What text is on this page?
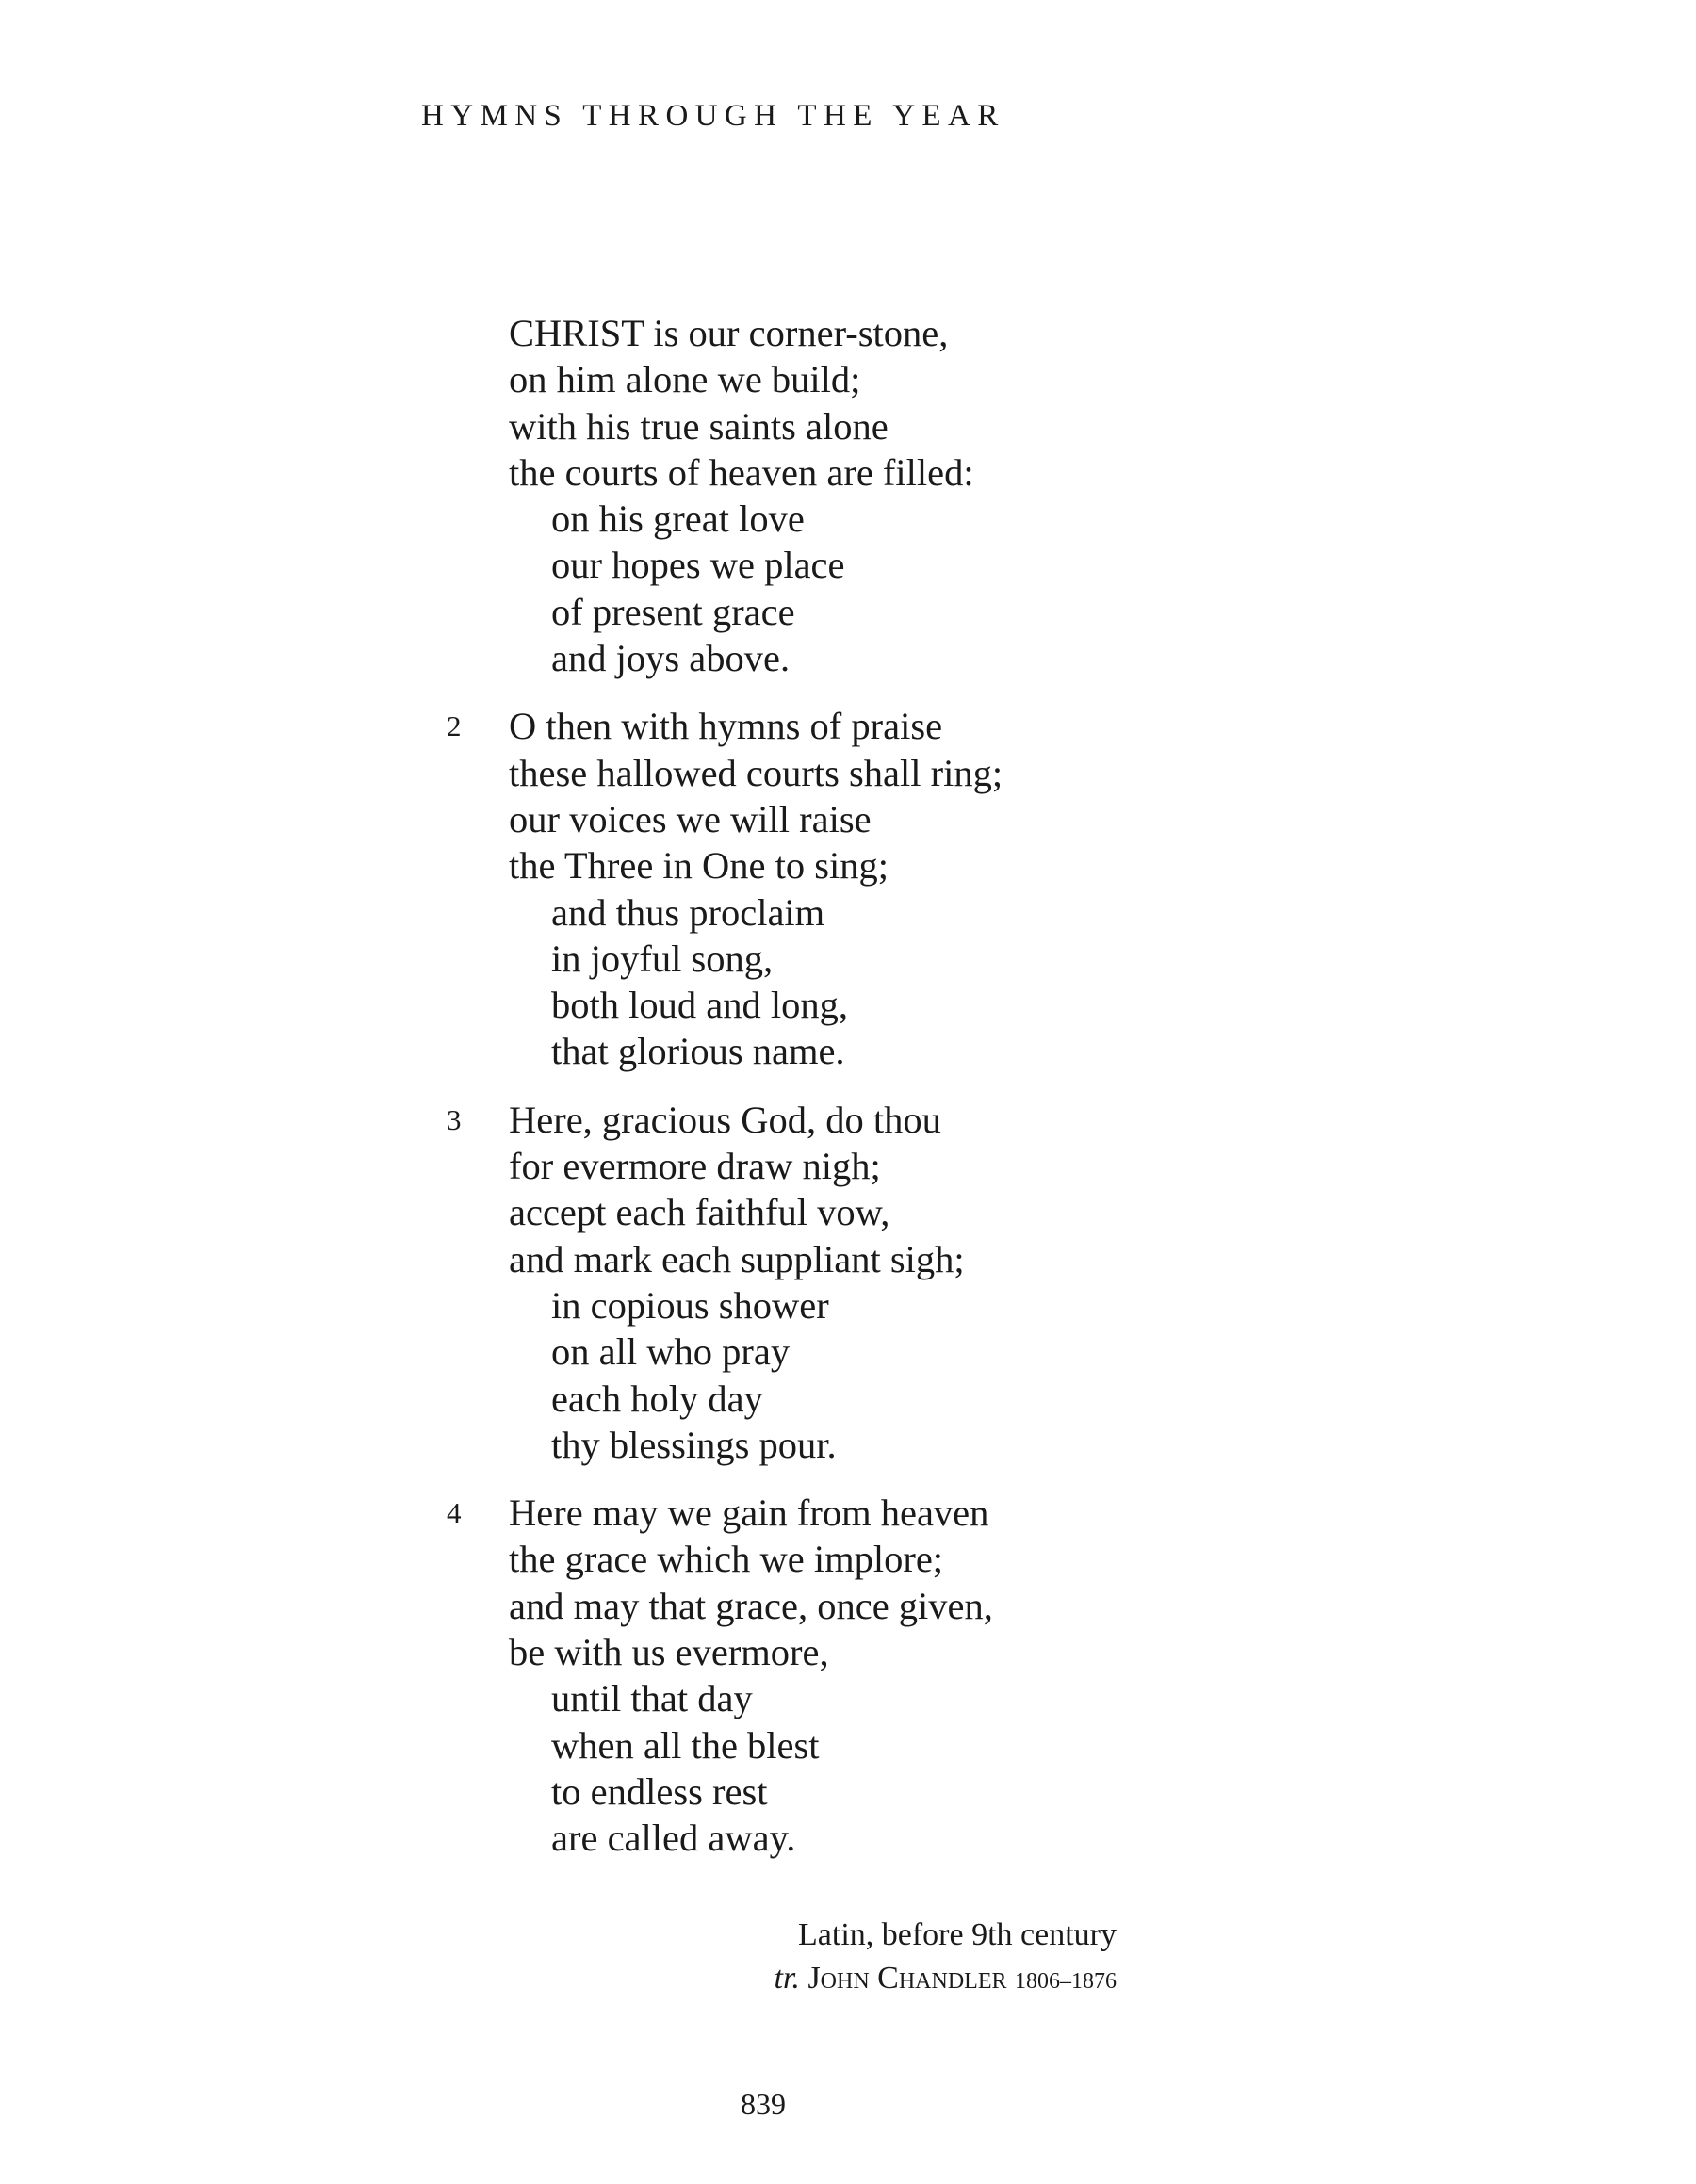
HYMNS THROUGH THE YEAR
CHRIST is our corner-stone,
on him alone we build;
with his true saints alone
the courts of heaven are filled:
on his great love
our hopes we place
of present grace
and joys above.
2 O then with hymns of praise
these hallowed courts shall ring;
our voices we will raise
the Three in One to sing;
and thus proclaim
in joyful song,
both loud and long,
that glorious name.
3 Here, gracious God, do thou
for evermore draw nigh;
accept each faithful vow,
and mark each suppliant sigh;
in copious shower
on all who pray
each holy day
thy blessings pour.
4 Here may we gain from heaven
the grace which we implore;
and may that grace, once given,
be with us evermore,
until that day
when all the blest
to endless rest
are called away.
Latin, before 9th century
tr. John Chandler 1806–1876
839
